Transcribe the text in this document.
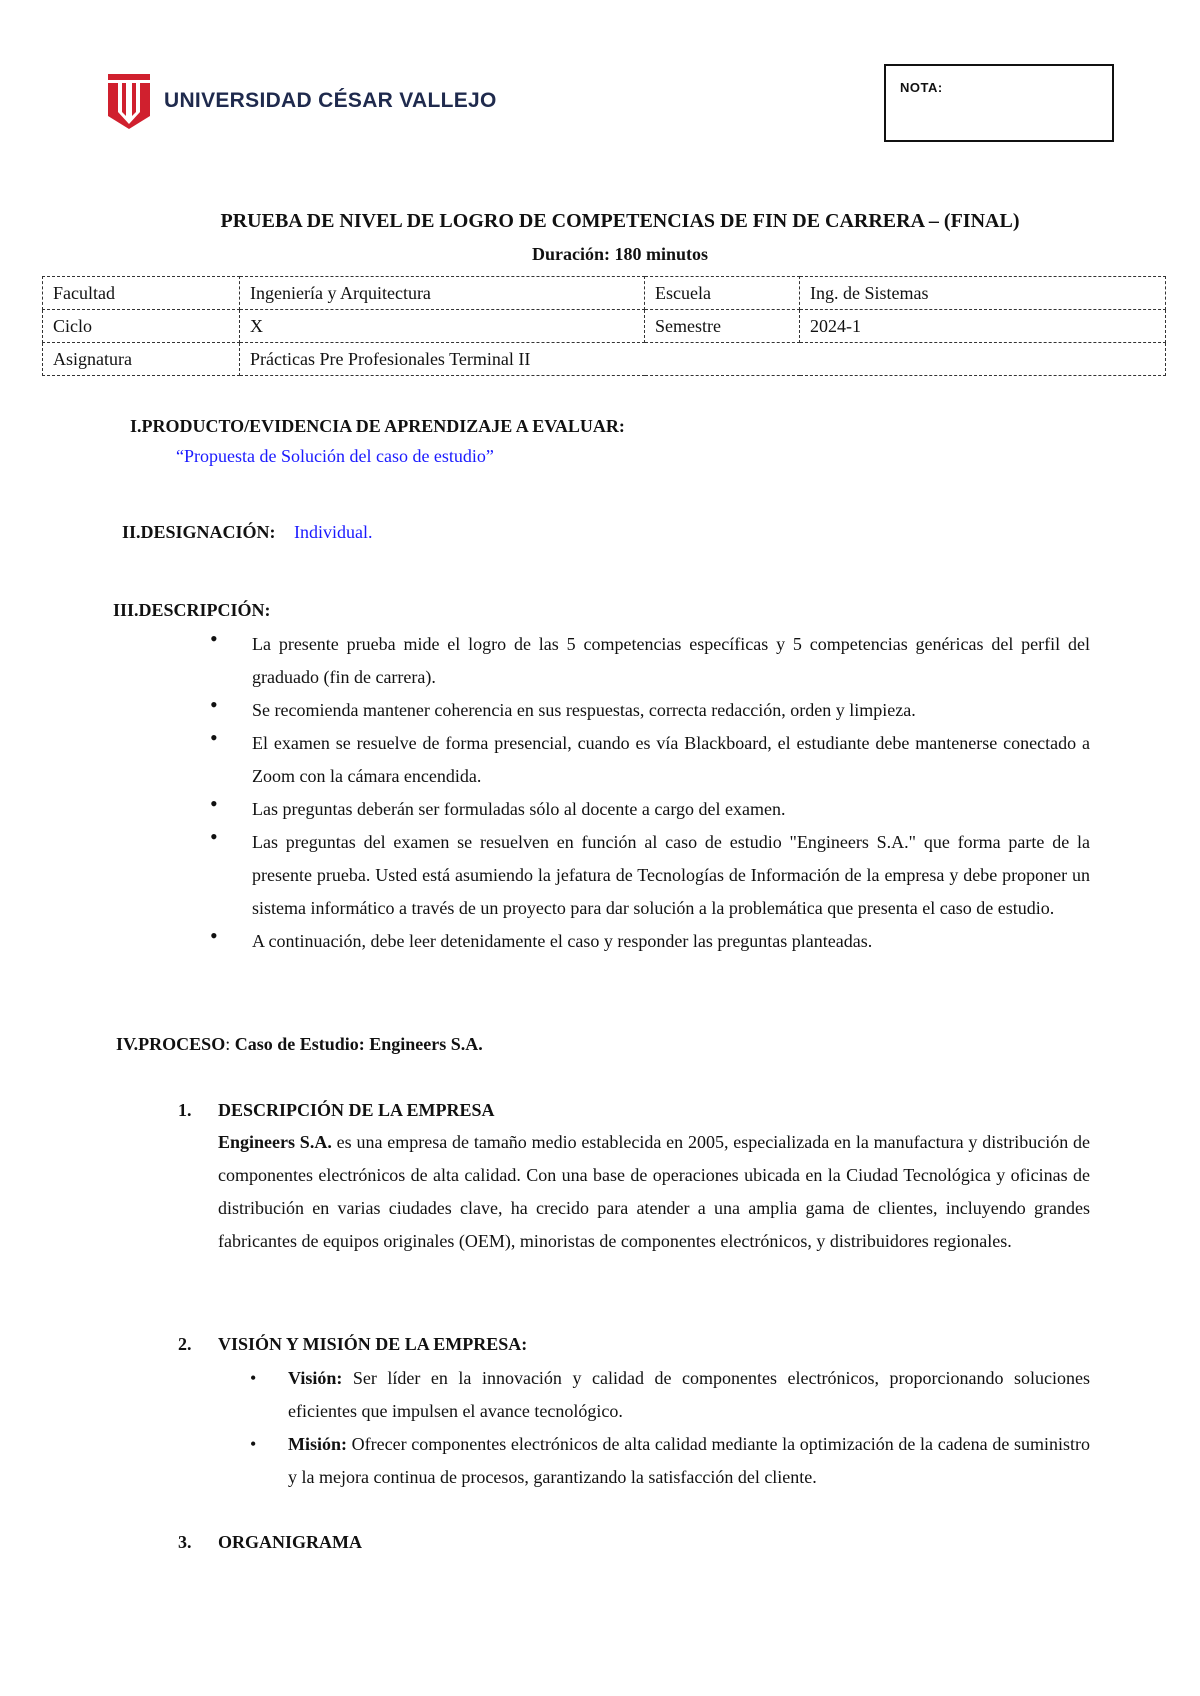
UNIVERSIDAD CÉSAR VALLEJO
NOTA:
PRUEBA DE NIVEL DE LOGRO DE COMPETENCIAS DE FIN DE CARRERA – (FINAL)
Duración: 180 minutos
Facultad	Ingeniería y Arquitectura	Escuela	Ing. de Sistemas
Ciclo	X	Semestre	2024-1
Asignatura	Prácticas Pre Profesionales Terminal II		
I.PRODUCTO/EVIDENCIA DE APRENDIZAJE A EVALUAR:
“Propuesta de Solución del caso de estudio”
II.DESIGNACIÓN: Individual.
III.DESCRIPCIÓN:
• La presente prueba mide el logro de las 5 competencias específicas y 5 competencias genéricas del perfil del graduado (fin de carrera).
• Se recomienda mantener coherencia en sus respuestas, correcta redacción, orden y limpieza.
• El examen se resuelve de forma presencial, cuando es vía Blackboard, el estudiante debe mantenerse conectado a Zoom con la cámara encendida.
• Las preguntas deberán ser formuladas sólo al docente a cargo del examen.
• Las preguntas del examen se resuelven en función al caso de estudio "Engineers S.A." que forma parte de la presente prueba. Usted está asumiendo la jefatura de Tecnologías de Información de la empresa y debe proponer un sistema informático a través de un proyecto para dar solución a la problemática que presenta el caso de estudio.
• A continuación, debe leer detenidamente el caso y responder las preguntas planteadas.
IV.PROCESO: Caso de Estudio: Engineers S.A.
1. DESCRIPCIÓN DE LA EMPRESA
Engineers S.A. es una empresa de tamaño medio establecida en 2005, especializada en la manufactura y distribución de componentes electrónicos de alta calidad. Con una base de operaciones ubicada en la Ciudad Tecnológica y oficinas de distribución en varias ciudades clave, ha crecido para atender a una amplia gama de clientes, incluyendo grandes fabricantes de equipos originales (OEM), minoristas de componentes electrónicos, y distribuidores regionales.
2. VISIÓN Y MISIÓN DE LA EMPRESA:
• Visión: Ser líder en la innovación y calidad de componentes electrónicos, proporcionando soluciones eficientes que impulsen el avance tecnológico.
• Misión: Ofrecer componentes electrónicos de alta calidad mediante la optimización de la cadena de suministro y la mejora continua de procesos, garantizando la satisfacción del cliente.
3. ORGANIGRAMA
